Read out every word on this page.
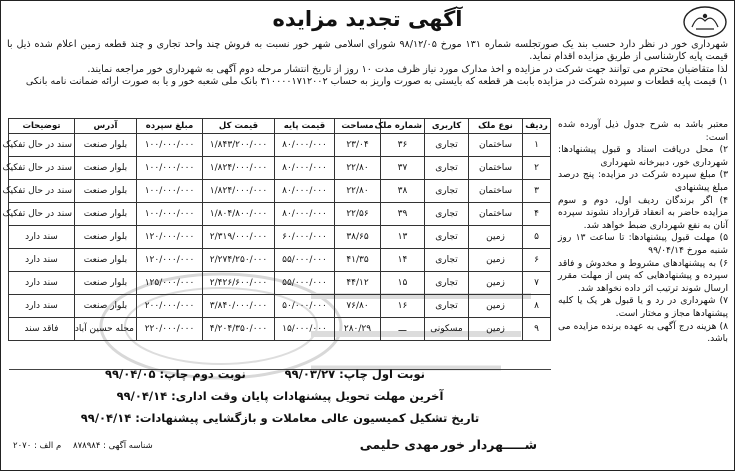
آگهی تجدید مزایده

شهرداری خور در نظر دارد حسب بند یک صورتجلسه شماره ۱۳۱ مورخ ۹۸/۱۲/۰۵ شورای اسلامی شهر خور نسبت به فروش چند واحد تجاری و چند قطعه زمین اعلام شده ذیل با قیمت پایه کارشناسی از طریق مزایده اقدام نماید.

لذا متقاضیان محترم می توانند جهت شرکت در مزایده و اخذ مدارک مورد نیاز ظرف مدت ۱۰ روز از تاریخ انتشار مرحله دوم آگهی به شهرداری خور مراجعه نمایند.

۱) قیمت پایه قطعات و سپرده شرکت در مزایده بابت هر قطعه که بایستی به صورت واریز به حساب ۳۱۰۰۰۰۱۷۱۲۰۰۲ بانک ملی شعبه خور و یا به صورت ارائه ضمانت نامه بانکی

ردیف	نوع ملک	کاربری	شماره ملک	مساحت	قیمت پایه	قیمت کل	مبلغ سپرده	آدرس	توضیحات
۱	ساختمان	تجاری	۳۶	۲۳/۰۴	۸۰/۰۰۰/۰۰۰	۱/۸۴۳/۲۰۰/۰۰۰	۱۰۰/۰۰۰/۰۰۰	بلوار صنعت	سند در حال تفکیک
۲	ساختمان	تجاری	۳۷	۲۲/۸۰	۸۰/۰۰۰/۰۰۰	۱/۸۲۴/۰۰۰/۰۰۰	۱۰۰/۰۰۰/۰۰۰	بلوار صنعت	سند در حال تفکیک
۳	ساختمان	تجاری	۳۸	۲۲/۸۰	۸۰/۰۰۰/۰۰۰	۱/۸۲۴/۰۰۰/۰۰۰	۱۰۰/۰۰۰/۰۰۰	بلوار صنعت	سند در حال تفکیک
۴	ساختمان	تجاری	۳۹	۲۲/۵۶	۸۰/۰۰۰/۰۰۰	۱/۸۰۴/۸۰۰/۰۰۰	۱۰۰/۰۰۰/۰۰۰	بلوار صنعت	سند در حال تفکیک
۵	زمین	تجاری	۱۳	۳۸/۶۵	۶۰/۰۰۰/۰۰۰	۲/۳۱۹/۰۰۰/۰۰۰	۱۲۰/۰۰۰/۰۰۰	بلوار صنعت	سند دارد
۶	زمین	تجاری	۱۴	۴۱/۳۵	۵۵/۰۰۰/۰۰۰	۲/۲۷۴/۲۵۰/۰۰۰	۱۲۰/۰۰۰/۰۰۰	بلوار صنعت	سند دارد
۷	زمین	تجاری	۱۵	۴۴/۱۲	۵۵/۰۰۰/۰۰۰	۲/۴۲۶/۶۰۰/۰۰۰	۱۲۵/۰۰۰/۰۰۰	بلوار صنعت	سند دارد
۸	زمین	تجاری	۱۶	۷۶/۸۰	۵۰/۰۰۰/۰۰۰	۳/۸۴۰/۰۰۰/۰۰۰	۲۰۰/۰۰۰/۰۰۰	بلوار صنعت	سند دارد
۹	زمین	مسکونی	ـــ	۲۸۰/۲۹	۱۵/۰۰۰/۰۰۰	۴/۲۰۴/۳۵۰/۰۰۰	۲۲۰/۰۰۰/۰۰۰	محله حسین آباد	فاقد سند

معتبر باشد به شرح جدول ذیل آورده شده است:

۲) محل دریافت اسناد و قبول پیشنهادها: شهرداری خور، دبیرخانه شهرداری

۳) مبلغ سپرده شرکت در مزایده: پنج درصد مبلغ پیشنهادی

۴) اگر برندگان ردیف اول، دوم و سوم مزایده حاضر به انعقاد قرارداد نشوند سپرده آنان به نفع شهرداری ضبط خواهد شد.

۵) مهلت قبول پیشنهادها: تا ساعت ۱۳ روز شنبه مورخ ۹۹/۰۴/۱۴

۶) به پیشنهادهای مشروط و مخدوش و فاقد سپرده و پیشنهادهایی که پس از مهلت مقرر ارسال شوند ترتیب اثر داده نخواهد شد.

۷) شهرداری در رد و یا قبول هر یک یا کلیه پیشنهادها مجاز و مختار است.

۸) هزینه درج آگهی به عهده برنده مزایده می باشد.

نوبت اول چاپ: ۹۹/۰۳/۲۷
نوبت دوم چاپ: ۹۹/۰۴/۰۵
آخرین مهلت تحویل پیشنهادات پایان وقت اداری: ۹۹/۰۴/۱۴
تاریخ تشکیل کمیسیون عالی معاملات و بازگشایی پیشنهادات: ۹۹/۰۴/۱۴
شـــــهردار خور
مهدی حلیمی
شناسه آگهی : ۸۷۸۹۸۴
م الف : ۲۰۷۰
